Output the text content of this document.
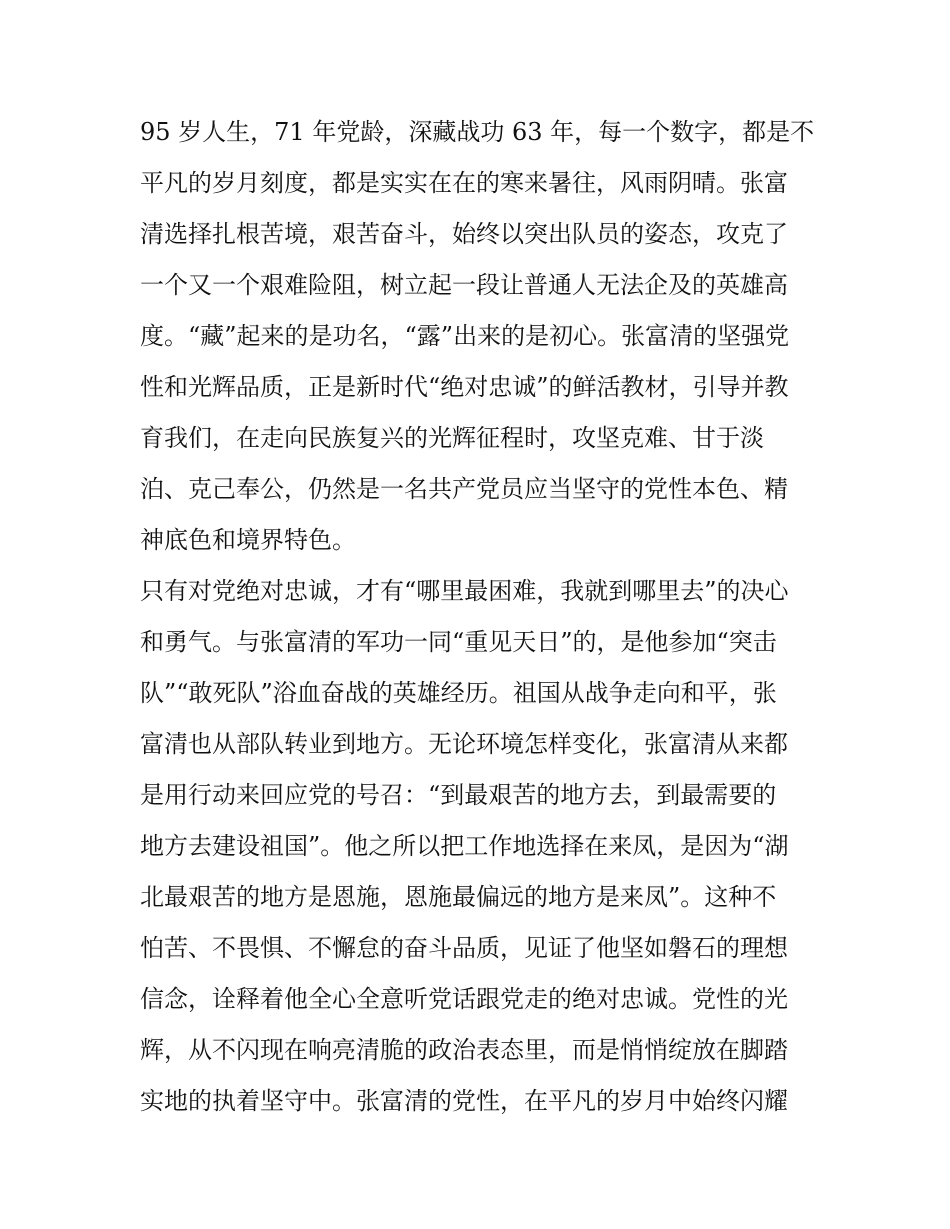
95 岁人生，71 年党龄，深藏战功 63 年，每一个数字，都是不
平凡的岁月刻度，都是实实在在的寒来暑往，风雨阴晴。张富
清选择扎根苦境，艰苦奋斗，始终以突出队员的姿态，攻克了
一个又一个艰难险阻，树立起一段让普通人无法企及的英雄高
度。“藏”起来的是功名，“露”出来的是初心。张富清的坚强党
性和光辉品质，正是新时代“绝对忠诚”的鲜活教材，引导并教
育我们，在走向民族复兴的光辉征程时，攻坚克难、甘于淡
泊、克己奉公，仍然是一名共产党员应当坚守的党性本色、精
神底色和境界特色。
只有对党绝对忠诚，才有“哪里最困难，我就到哪里去”的决心
和勇气。与张富清的军功一同“重见天日”的，是他参加“突击
队”“敢死队”浴血奋战的英雄经历。祖国从战争走向和平，张
富清也从部队转业到地方。无论环境怎样变化，张富清从来都
是用行动来回应党的号召：“到最艰苦的地方去，到最需要的
地方去建设祖国”。他之所以把工作地选择在来凤，是因为“湖
北最艰苦的地方是恩施，恩施最偏远的地方是来凤”。这种不
怕苦、不畏惧、不懈怠的奋斗品质，见证了他坚如磐石的理想
信念，诠释着他全心全意听党话跟党走的绝对忠诚。党性的光
辉，从不闪现在响亮清脆的政治表态里，而是悄悄绽放在脚踏
实地的执着坚守中。张富清的党性，在平凡的岁月中始终闪耀
